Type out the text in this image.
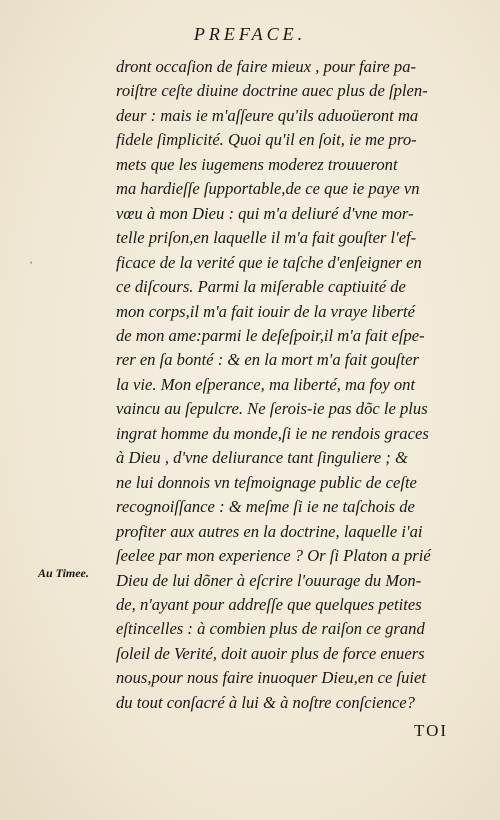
PREFACE.
'
dront occaſion de faire mieux , pour faire pa-
roiſtre ceſte diuine doctrine auec plus de ſplen-
deur : mais ie m'aſſeure qu'ils aduoüeront ma
fidele ſimplicité. Quoi qu'il en ſoit, ie me pro-
mets que les iugemens moderez trouueront
ma hardieſſe ſupportable,de ce que ie paye vn
vœu à mon Dieu : qui m'a deliuré d'vne mor-
telle priſon,en laquelle il m'a fait gouſter l'ef-
ficace de la verité que ie taſche d'enſeigner en
ce diſcours. Parmi la miſerable captiuité de
mon corps,il m'a fait iouir de la vraye liberté
de mon ame:parmi le deſeſpoir,il m'a fait eſpe-
rer en ſa bonté : & en la mort m'a fait gouſter
la vie. Mon eſperance, ma liberté, ma foy ont
vaincu au ſepulcre. Ne ſerois-ie pas dõc le plus
ingrat homme du monde,ſi ie ne rendois graces
à Dieu , d'vne deliurance tant ſinguliere ; &
ne lui donnois vn teſmoignage public de ceſte
recognoiſſance : & meſme ſi ie ne taſchois de
profiter aux autres en la doctrine, laquelle i'ai
ſeelee par mon experience ? Or ſi Platon a prié
Dieu de lui dõner à eſcrire l'ouurage du Mon-
de, n'ayant pour addreſſe que quelques petites
eſtincelles : à combien plus de raiſon ce grand
ſoleil de Verité, doit auoir plus de force enuers
nous,pour nous faire inuoquer Dieu,en ce ſuiet
du tout conſacré à lui & à noſtre conſcience?
Au Timee.
TOI
